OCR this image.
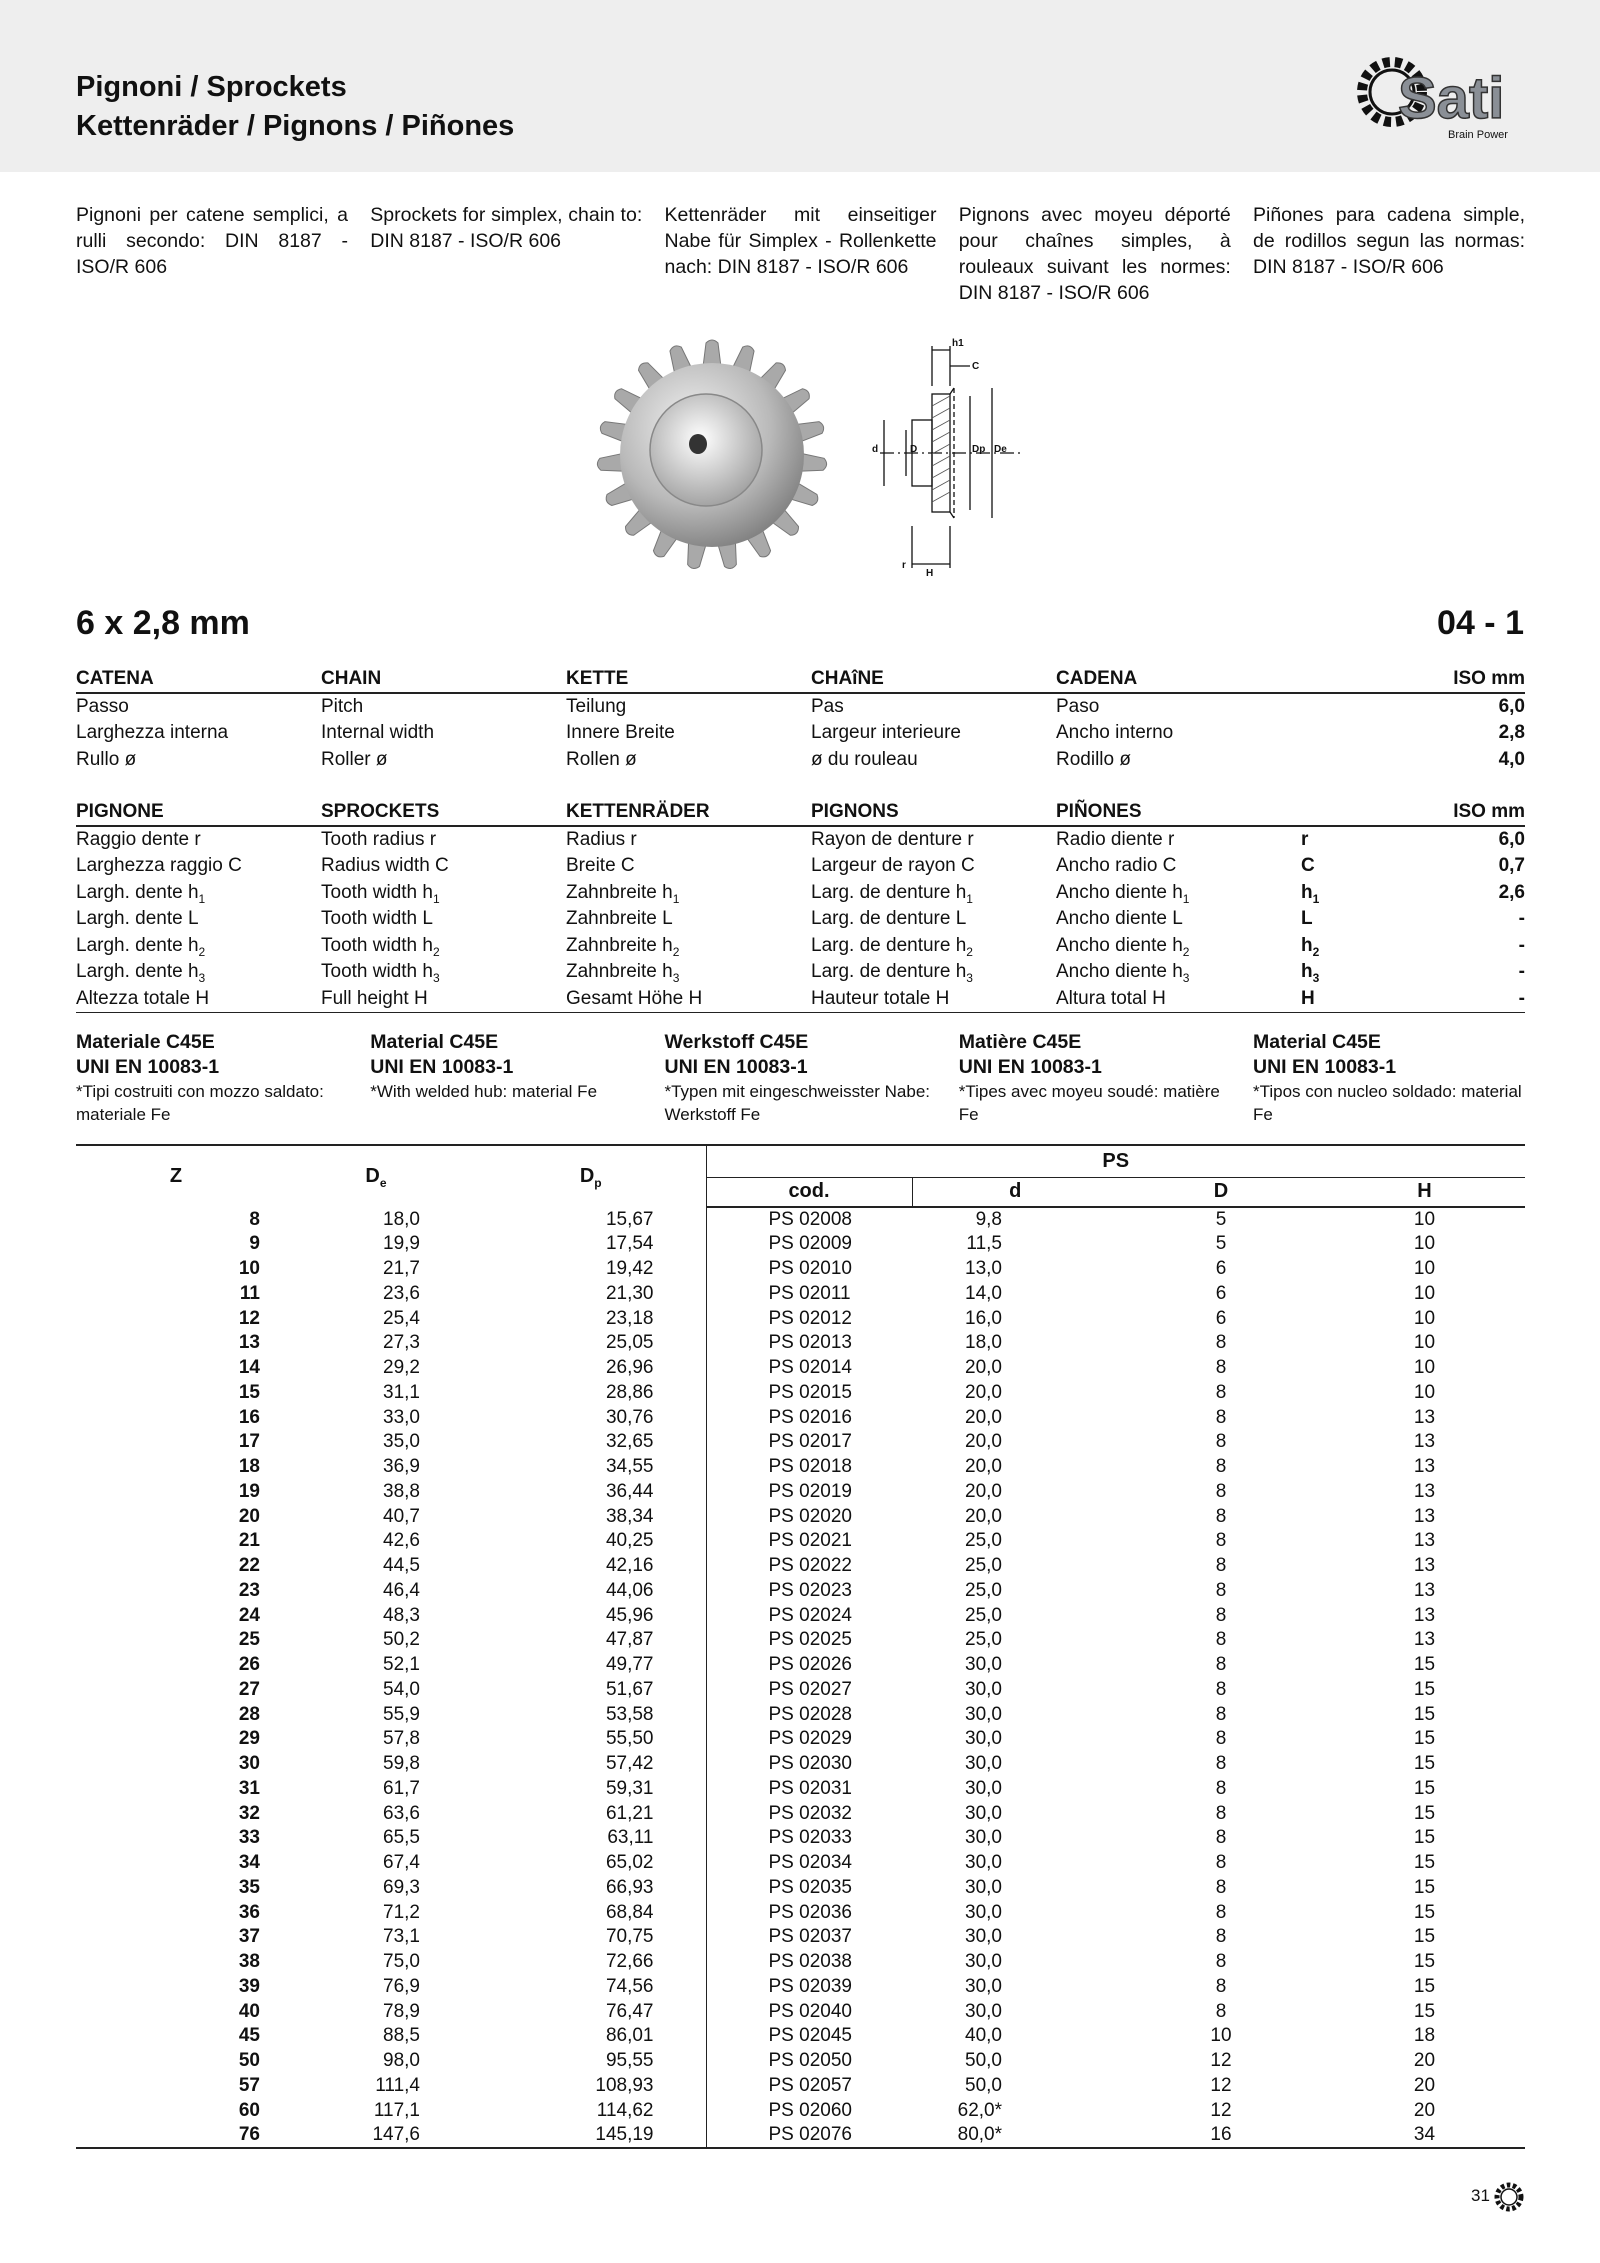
Pignoni / Sprockets
Kettenräder / Pignons / Piñones	Sati
Brain Power
Pignoni per catene semplici, a rulli secondo: DIN 8187 - ISO/R 606
Sprockets for simplex, chain to: DIN 8187 - ISO/R 606
Kettenräder mit einseitiger Nabe für Simplex - Rollenkette nach: DIN 8187 - ISO/R 606
Pignons avec moyeu déporté pour chaînes simples, à rouleaux suivant les normes: DIN 8187 - ISO/R 606
Piñones para cadena simple, de rodillos segun las normas: DIN 8187 - ISO/R 606
h1
C
d	D	Dp De
r
H
6 x 2,8 mm	04 - 1
CATENA	CHAIN	KETTE	CHAîNE	CADENA	ISO mm
Passo	Pitch	Teilung	Pas	Paso	6,0
Larghezza interna	Internal width	Innere Breite	Largeur interieure	Ancho interno	2,8
Rullo ø	Roller ø	Rollen ø	ø du rouleau	Rodillo ø	4,0
PIGNONE	SPROCKETS	KETTENRÄDER	PIGNONS	PIÑONES	ISO mm	
Raggio dente r	Tooth radius r	Radius r	Rayon de denture r	Radio diente r	r	6,0
Larghezza raggio C	Radius width C	Breite C	Largeur de rayon C	Ancho radio C	C	0,7
Largh. dente $h_1$	Tooth width $h_1$	Zahnbreite $h_1$	Larg. de denture $h_1$	Ancho diente $h_1$	$h_1$	2,6
Largh. dente L	Tooth width L	Zahnbreite L	Larg. de denture L	Ancho diente L	L	-
Largh. dente $h_2$	Tooth width $h_2$	Zahnbreite $h_2$	Larg. de denture $h_2$	Ancho diente $h_2$	$h_2$	-
Largh. dente $h_3$	Tooth width $h_3$	Zahnbreite $h_3$	Larg. de denture $h_3$	Ancho diente $h_3$	$h_3$	-
Altezza totale H	Full height H	Gesamt Höhe H	Hauteur totale H	Altura total H	H	-
Materiale C45E
UNI EN 10083-1
*Tipi costruiti con mozzo saldato: materiale Fe
Material C45E
UNI EN 10083-1
*With welded hub: material Fe
Werkstoff C45E
UNI EN 10083-1
*Typen mit eingeschweisster Nabe: Werkstoff Fe
Matière C45E
UNI EN 10083-1
*Tipes avec moyeu soudé: matière Fe
Material C45E
UNI EN 10083-1
*Tipos con nucleo soldado: material Fe
Z	$D_e$	$D_p$	PS			
			cod.	d	D	H
8	18,0	15,67	PS 02008	9,8	5	10
9	19,9	17,54	PS 02009	11,5	5	10
10	21,7	19,42	PS 02010	13,0	6	10
11	23,6	21,30	PS 02011	14,0	6	10
12	25,4	23,18	PS 02012	16,0	6	10
13	27,3	25,05	PS 02013	18,0	8	10
14	29,2	26,96	PS 02014	20,0	8	10
15	31,1	28,86	PS 02015	20,0	8	10
16	33,0	30,76	PS 02016	20,0	8	13
17	35,0	32,65	PS 02017	20,0	8	13
18	36,9	34,55	PS 02018	20,0	8	13
19	38,8	36,44	PS 02019	20,0	8	13
20	40,7	38,34	PS 02020	20,0	8	13
21	42,6	40,25	PS 02021	25,0	8	13
22	44,5	42,16	PS 02022	25,0	8	13
23	46,4	44,06	PS 02023	25,0	8	13
24	48,3	45,96	PS 02024	25,0	8	13
25	50,2	47,87	PS 02025	25,0	8	13
26	52,1	49,77	PS 02026	30,0	8	15
27	54,0	51,67	PS 02027	30,0	8	15
28	55,9	53,58	PS 02028	30,0	8	15
29	57,8	55,50	PS 02029	30,0	8	15
30	59,8	57,42	PS 02030	30,0	8	15
31	61,7	59,31	PS 02031	30,0	8	15
32	63,6	61,21	PS 02032	30,0	8	15
33	65,5	63,11	PS 02033	30,0	8	15
34	67,4	65,02	PS 02034	30,0	8	15
35	69,3	66,93	PS 02035	30,0	8	15
36	71,2	68,84	PS 02036	30,0	8	15
37	73,1	70,75	PS 02037	30,0	8	15
38	75,0	72,66	PS 02038	30,0	8	15
39	76,9	74,56	PS 02039	30,0	8	15
40	78,9	76,47	PS 02040	30,0	8	15
45	88,5	86,01	PS 02045	40,0	10	18
50	98,0	95,55	PS 02050	50,0	12	20
57	111,4	108,93	PS 02057	50,0	12	20
60	117,1	114,62	PS 02060	62,0*	12	20
76	147,6	145,19	PS 02076	80,0*	16	34
31
